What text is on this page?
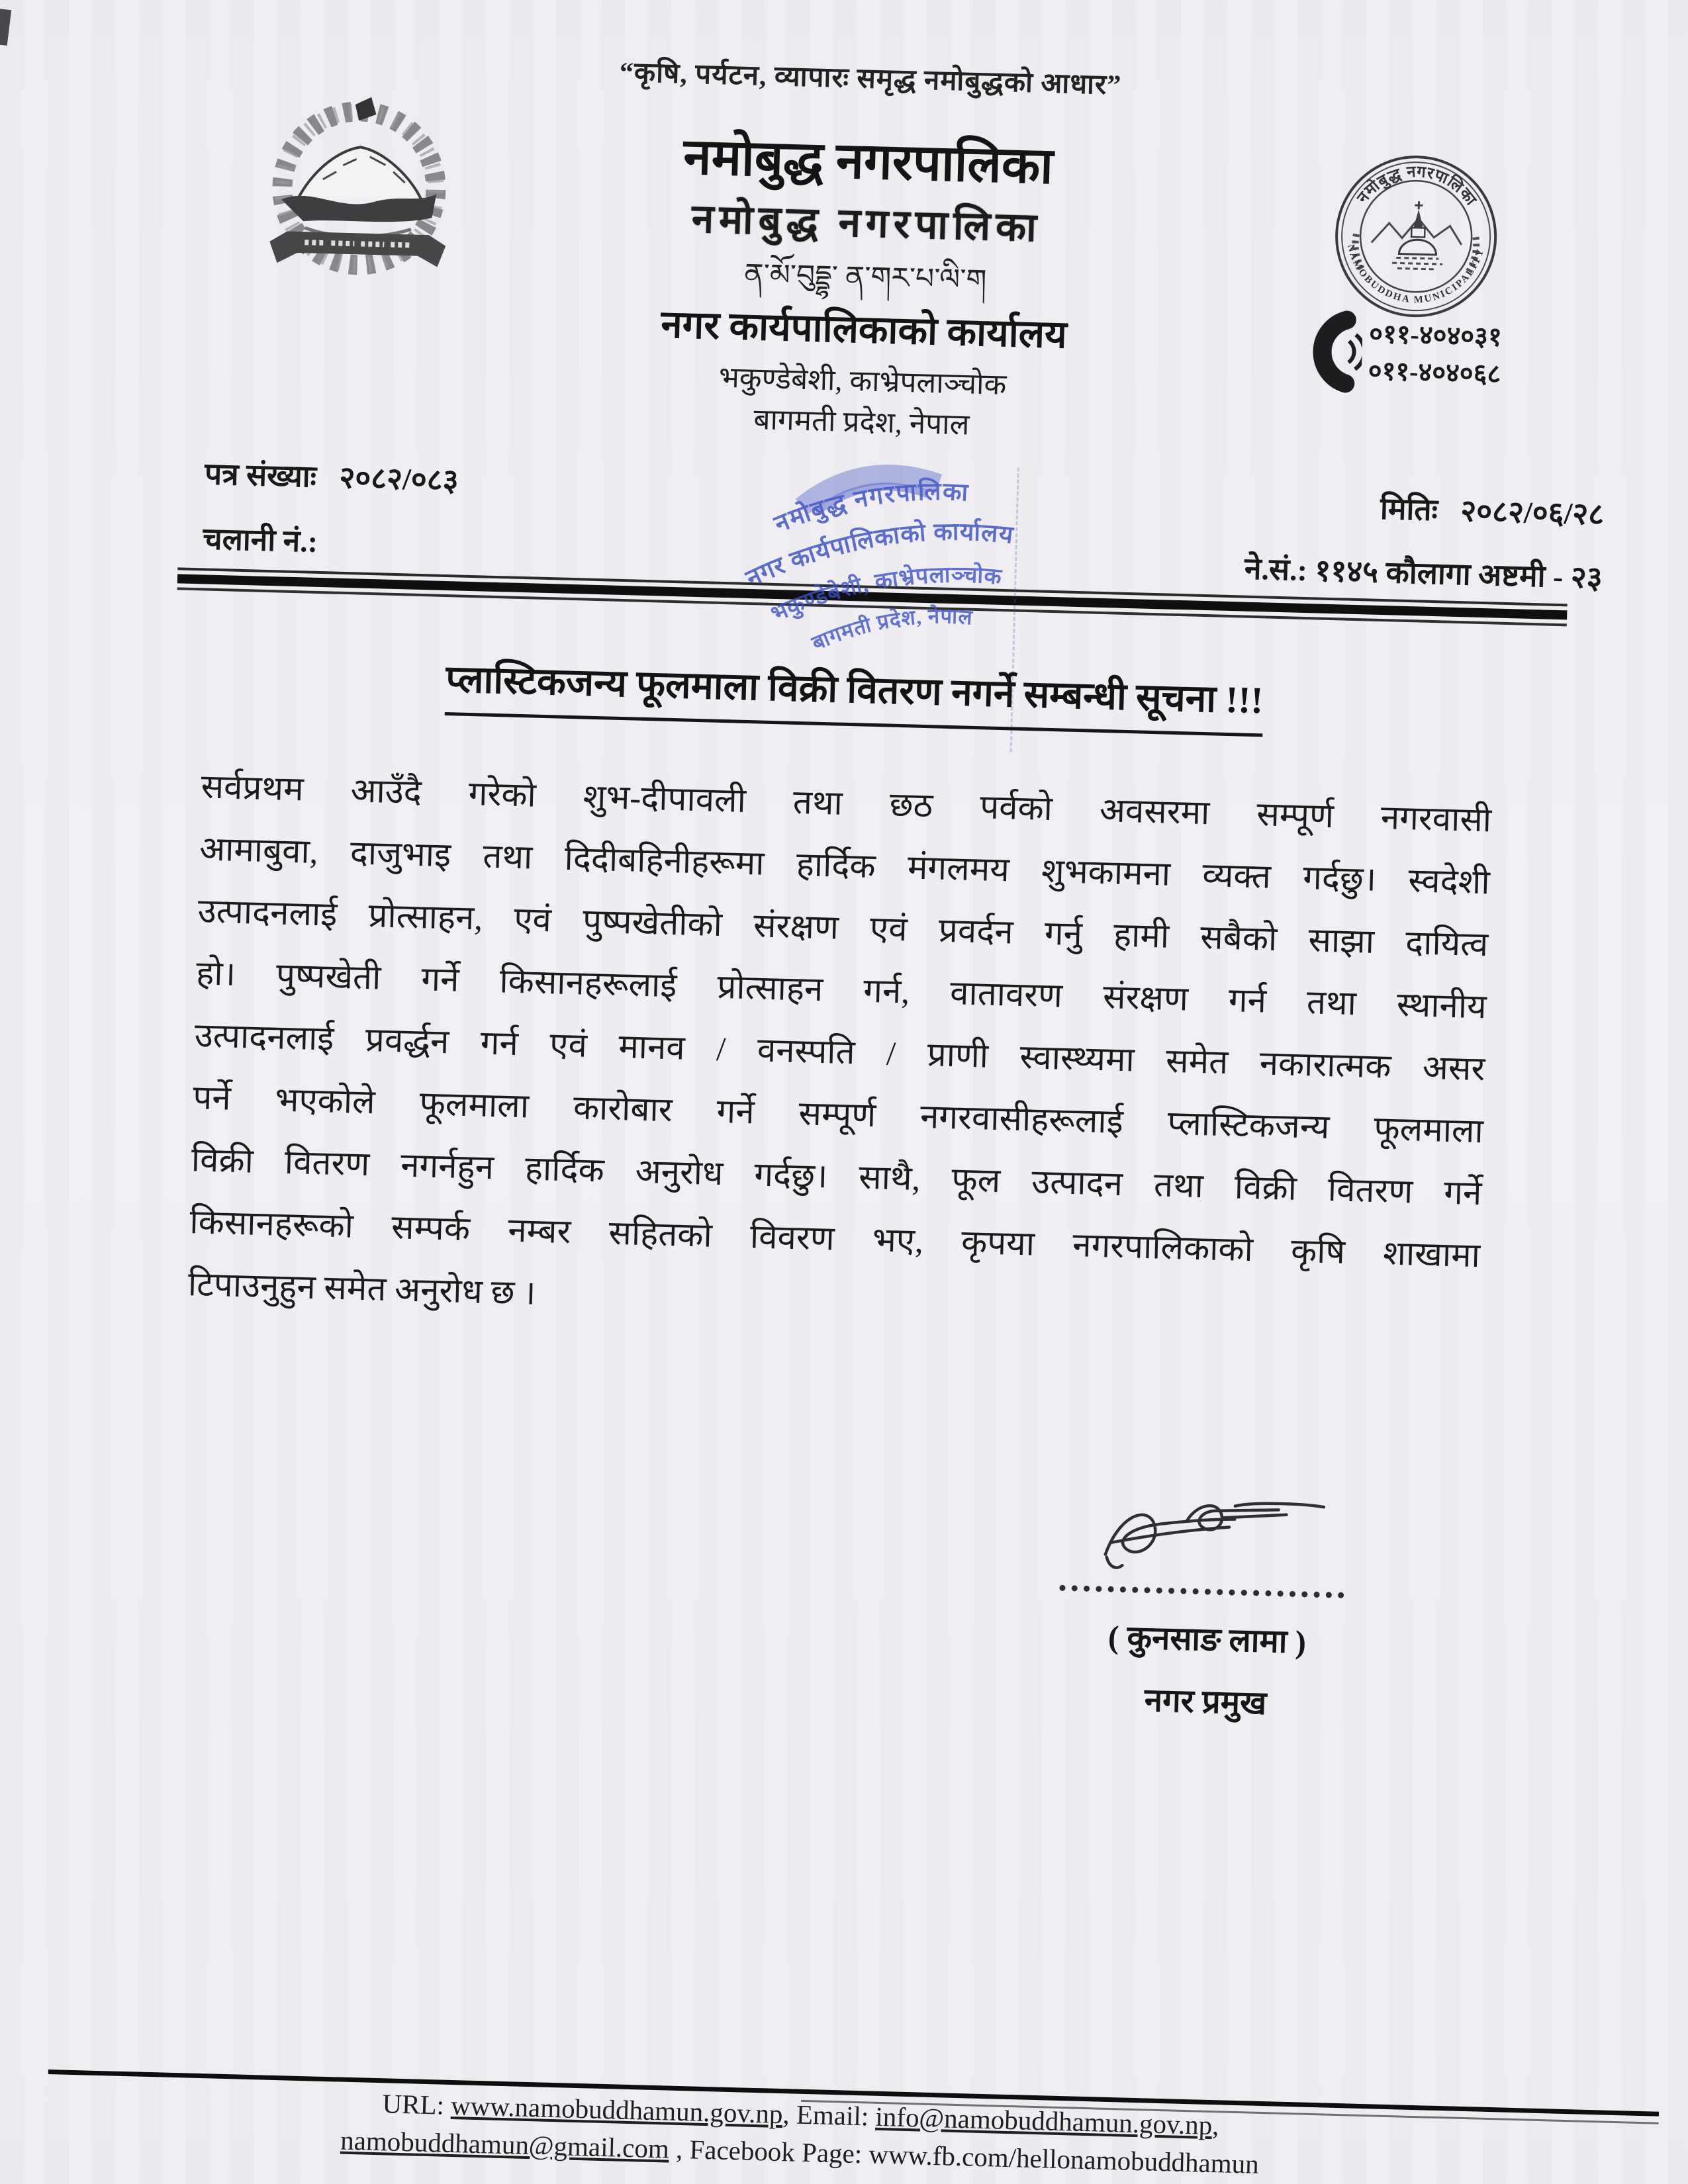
“कृषि, पर्यटन, व्यापारः समृद्ध नमोबुद्धको आधार”
नमोबुद्ध नगरपालिका
नमोबुद्ध नगरपालिका
ན་མོ་བུདྡྷ་ ན་གར་པ་ལི་ག
नगर कार्यपालिकाको कार्यालय
भकुण्डेबेशी, काभ्रेपलाञ्चोक
बागमती प्रदेश, नेपाल
नमोबुद्ध नगरपालिका
NAMOBUDDHA MUNICIPALITY
०११-४०४०३१
०११-४०४०६८
पत्र संख्याः २०८२/०८३
चलानी नं.:
मितिः २०८२/०६/२८
ने.सं.: ११४५ कौलागा अष्टमी - २३
नमोबुद्ध नगरपालिका
नगर कार्यपालिकाको कार्यालय
भकुण्डेबेशी, काभ्रेपलाञ्चोक
बागमती प्रदेश, नेपाल
प्लास्टिकजन्य फूलमाला विक्री वितरण नगर्ने सम्बन्धी सूचना !!!
सर्वप्रथम आउँदै गरेको शुभ-दीपावली तथा छठ पर्वको अवसरमा सम्पूर्ण नगरवासी
आमाबुवा, दाजुभाइ तथा दिदीबहिनीहरूमा हार्दिक मंगलमय शुभकामना व्यक्त गर्दछु। स्वदेशी
उत्पादनलाई प्रोत्साहन, एवं पुष्पखेतीको संरक्षण एवं प्रवर्दन गर्नु हामी सबैको साझा दायित्व
हो। पुष्पखेती गर्ने किसानहरूलाई प्रोत्साहन गर्न, वातावरण संरक्षण गर्न तथा स्थानीय
उत्पादनलाई प्रवर्द्धन गर्न एवं मानव / वनस्पति / प्राणी स्वास्थ्यमा समेत नकारात्मक असर
पर्ने भएकोले फूलमाला कारोबार गर्ने सम्पूर्ण नगरवासीहरूलाई प्लास्टिकजन्य फूलमाला
विक्री वितरण नगर्नहुन हार्दिक अनुरोध गर्दछु। साथै, फूल उत्पादन तथा विक्री वितरण गर्ने
किसानहरूको सम्पर्क नम्बर सहितको विवरण भए, कृपया नगरपालिकाको कृषि शाखामा
टिपाउनुहुन समेत अनुरोध छ ।
( कुनसाङ लामा )
नगर प्रमुख
URL: www.namobuddhamun.gov.np, Email: info@namobuddhamun.gov.np,
namobuddhamun@gmail.com , Facebook Page: www.fb.com/hellonamobuddhamun
